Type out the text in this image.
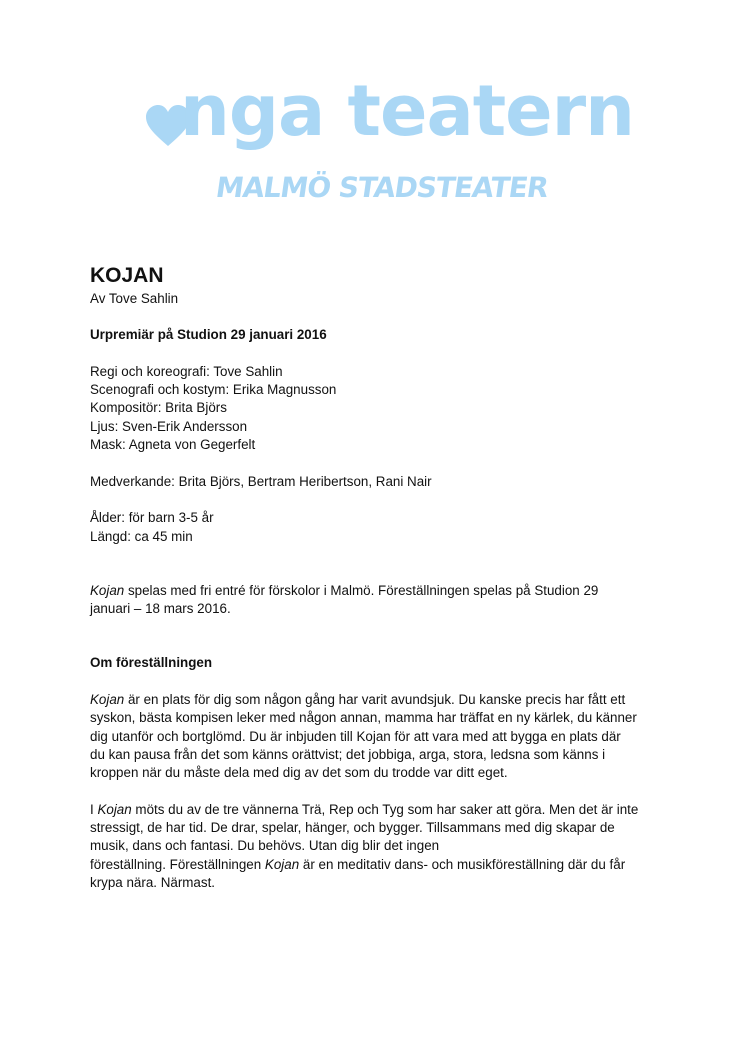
nga teatern
MALMÖ STADSTEATER
KOJAN

Av Tove Sahlin

Urpremiär på Studion 29 januari 2016

Regi och koreografi: Tove Sahlin

Scenografi och kostym: Erika Magnusson

Kompositör: Brita Björs

Ljus: Sven-Erik Andersson

Mask: Agneta von Gegerfelt

Medverkande: Brita Björs, Bertram Heribertson, Rani Nair

Ålder: för barn 3-5 år

Längd: ca 45 min

Kojan spelas med fri entré för förskolor i Malmö. Föreställningen spelas på Studion 29

januari – 18 mars 2016.

Om föreställningen

Kojan är en plats för dig som någon gång har varit avundsjuk. Du kanske precis har fått ett

syskon, bästa kompisen leker med någon annan, mamma har träffat en ny kärlek, du känner

dig utanför och bortglömd. Du är inbjuden till Kojan för att vara med att bygga en plats där

du kan pausa från det som känns orättvist; det jobbiga, arga, stora, ledsna som känns i

kroppen när du måste dela med dig av det som du trodde var ditt eget.

I Kojan möts du av de tre vännerna Trä, Rep och Tyg som har saker att göra. Men det är inte

stressigt, de har tid. De drar, spelar, hänger, och bygger. Tillsammans med dig skapar de

musik, dans och fantasi. Du behövs. Utan dig blir det ingen

föreställning. Föreställningen Kojan är en meditativ dans- och musikföreställning där du får

krypa nära. Närmast.
